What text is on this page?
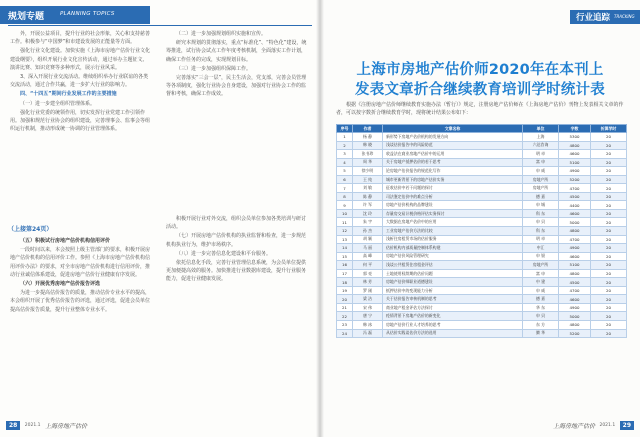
规划专题	PLANNING TOPICS

外，开展公益项目，提升行业的社会形象，关心和支持慈善工作。积极参与“中国梦”和市建设发展的正能量等方面。

强化行业文化建设。加快实施《上海市房地产估价行业文化建设纲要》，组织开展行业文化宣传活动，通过举办主题征文、演讲比赛、知识竞赛等多种形式，展示行业风采。

3、深入开展行业交流活动。维续组织举办行业联谊的各类交流活动，通过合作共赢，进一步扩大行业的影响力。

四、“十四五”期间行业发展工作的主要措施

（一）进一步建全组织管理体系。

强化行业党委的统领作用，切实发挥行业党建工作引领作用。加强和规范行业协会的组织建设，完善理事会、监事会等组织运行机制，推动形成统一协调的行业管理体系。

（二）进一步加强规划组织实施和宣传。

研究本规划的贯彻落实，重点“标准化”、“特色化”建设，统筹推进，试行协会试点工作年度考核机制，全面落实工作计划，确保工作任务的完成，实现规划目标。

（三）进一步加强组织保障工作。

完善落实“三会一层”，民主生活会，党支部，完善会员管理等各项制度，强化行业协会自身建设，加强对行业协会工作的监督和考核，确保工作成效。

（上接第24页）

（五）积极试行房地产估价机构信用评价

一段时间以来，本会按照上级主管部门的要求，积极开展房地产估价机构的信用评价工作。参照《上海市房地产估价机构信用评价办法》的要求，对全市房地产估价机构进行信用评价，推动行业诚信体系建设，促进房地产估价行业健康有序发展。

（六）开展优秀房地产估价报告评选

为进一步提高估价报告的质量，推动估价专业水平的提高，本会组织开展了优秀估价报告的评选，通过评选，促进会员单位提高估价报告质量，提升行业整体专业水平。

积极开展行业对外交流，组织会员单位参加各类培训与研讨活动。

（七）开展房地产估价机构的执业监督和检查，进一步规范机构执业行为，维护市场秩序。

（八）进一步完善信息化建设和平台服务。

依托信息化手段，完善行业管理信息系统，为会员单位提供更加便捷高效的服务。加快推进行业数据库建设，提升行业服务能力，促进行业健康发展。

28 2021.1 上海房地产估价
行业追踪 TRACKING
上海市房地产估价师2020年在本刊上
发表文章折合继续教育培训学时统计表

根据《注册房地产估价师继续教育实施办法（暂行）》规定，注册房地产估价师在《上海房地产估价》刊物上发表相关文章的作者，可以按字数折合继续教育学时，现将统计结果公布如下：

序号	作者	文章名称	单位	字数	折算学时
1	杨 静	新形势下房地产估价机构的发展方向	上海	5300	20
2	韩 晓	浅谈估价报告中的风险防范	六达咨询	4800	20
3	张书珍	收益法在商业房地产估价中的运用	明 卓	4600	20
4	周 华	关于房地产抵押估价的若干思考	富 申	5100	20
5	徐少明	论房地产估价报告的规范化写作	申 威	4900	20
6	王 纯	城市更新背景下的房地产估价实务	房地产所	5200	20
7	刘 敏	征收估价中若干问题的探讨	房地产所	4700	20
8	陈 静	司法鉴定估价中的难点分析	德 嘉	4500	20
9	许 军	房地产估价机构的品牌建设	申 城	4400	20
10	沈 玲	存量房交易计税价格评估实务探讨	科 东	4600	20
11	朱 宇	大数据在房地产估价中的应用	申 贝	5000	20
12	孙 杰	工业房地产估价方法的比较	科 东	4800	20
13	胡 颖	浅析住房租赁市场的估价服务	明 卓	4700	20
14	马 丽	估价机构内部质量控制体系构建	中汇	4900	20
15	高 峰	房地产估价风险管理研究	申 银	4600	20
16	何 平	浅谈公共租赁住房租金评估	房地产所	5100	20
17	郭 亮	土地使用权续期的估价问题	富 申	4800	20
18	林 芳	房地产估价师职业道德建设	中 建	4500	20
19	罗 刚	抵押估价中的变现能力分析	申 威	4700	20
20	梁 洁	关于估价报告审核机制的思考	德 嘉	4600	20
21	宋 伟	商业地产租金评估方法探讨	华 东	4900	20
22	唐 宁	疫情背景下房地产估价的新变化	申 贝	5000	20
23	韩 冰	房地产估价行业人才培养的思考	东 方	4800	20
24	冯 磊	从估价实践谈估价方法的选用	腾 华	5200	20
上海房地产估价 2021.1 29
